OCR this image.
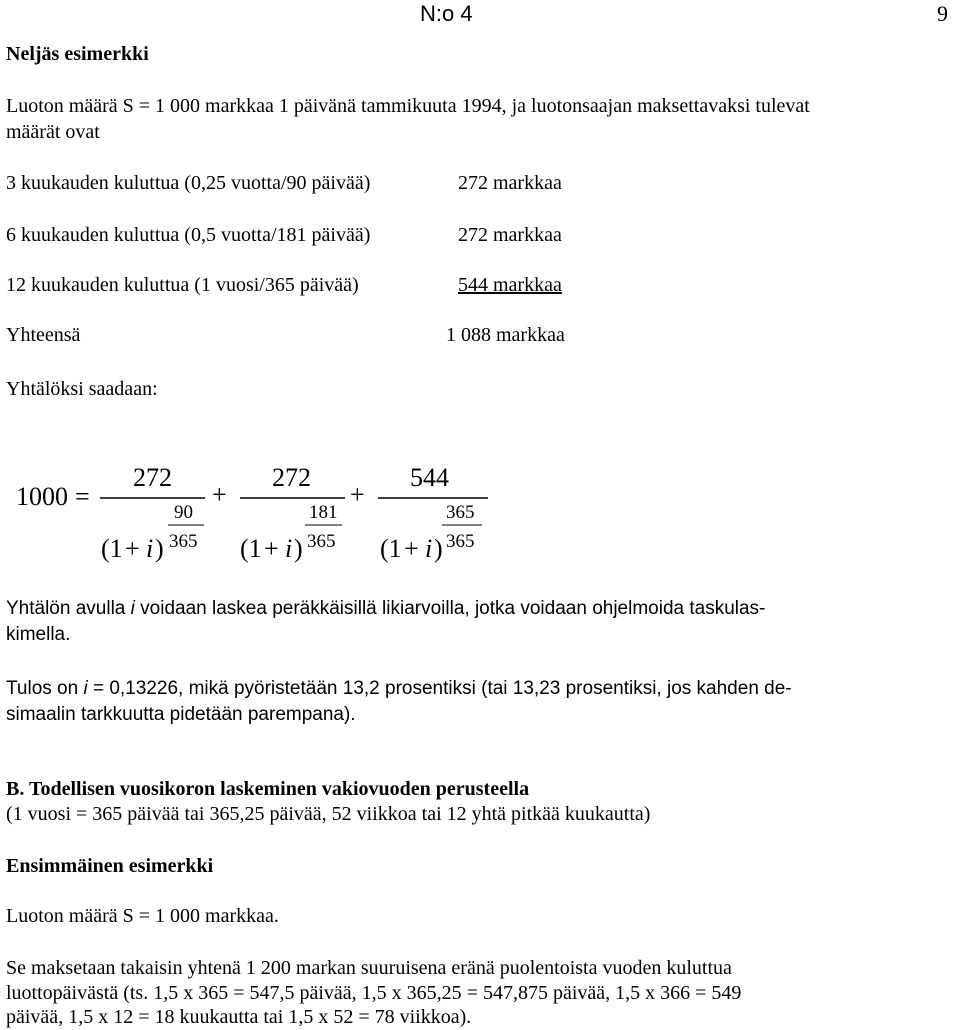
N:o 4	9
Neljäs esimerkki
Luoton määrä S = 1 000 markkaa 1 päivänä tammikuuta 1994, ja luotonsaajan maksettavaksi tulevat määrät ovat
3 kuukauden kuluttua (0,25 vuotta/90 päivää)	272 markkaa
6 kuukauden kuluttua (0,5 vuotta/181 päivää)	272 markkaa
12 kuukauden kuluttua (1 vuosi/365 päivää)	544 markkaa
Yhteensä	1 088 markkaa
Yhtälöksi saadaan:
1000 =
272
90
(1 + i ) 365
+
272
181
(1 + i ) 365
+
544
365
(1 + i ) 365
Yhtälön avulla i voidaan laskea peräkkäisillä likiarvoilla, jotka voidaan ohjelmoida taskulas-
kimella.
Tulos on i = 0,13226, mikä pyöristetään 13,2 prosentiksi (tai 13,23 prosentiksi, jos kahden de-
simaalin tarkkuutta pidetään parempana).
B. Todellisen vuosikoron laskeminen vakiovuoden perusteella
(1 vuosi = 365 päivää tai 365,25 päivää, 52 viikkoa tai 12 yhtä pitkää kuukautta)
Ensimmäinen esimerkki
Luoton määrä S = 1 000 markkaa.
Se maksetaan takaisin yhtenä 1 200 markan suuruisena eränä puolentoista vuoden kuluttua
luottopäivästä (ts. 1,5 x 365 = 547,5 päivää, 1,5 x 365,25 = 547,875 päivää, 1,5 x 366 = 549
päivää, 1,5 x 12 = 18 kuukautta tai 1,5 x 52 = 78 viikkoa).
